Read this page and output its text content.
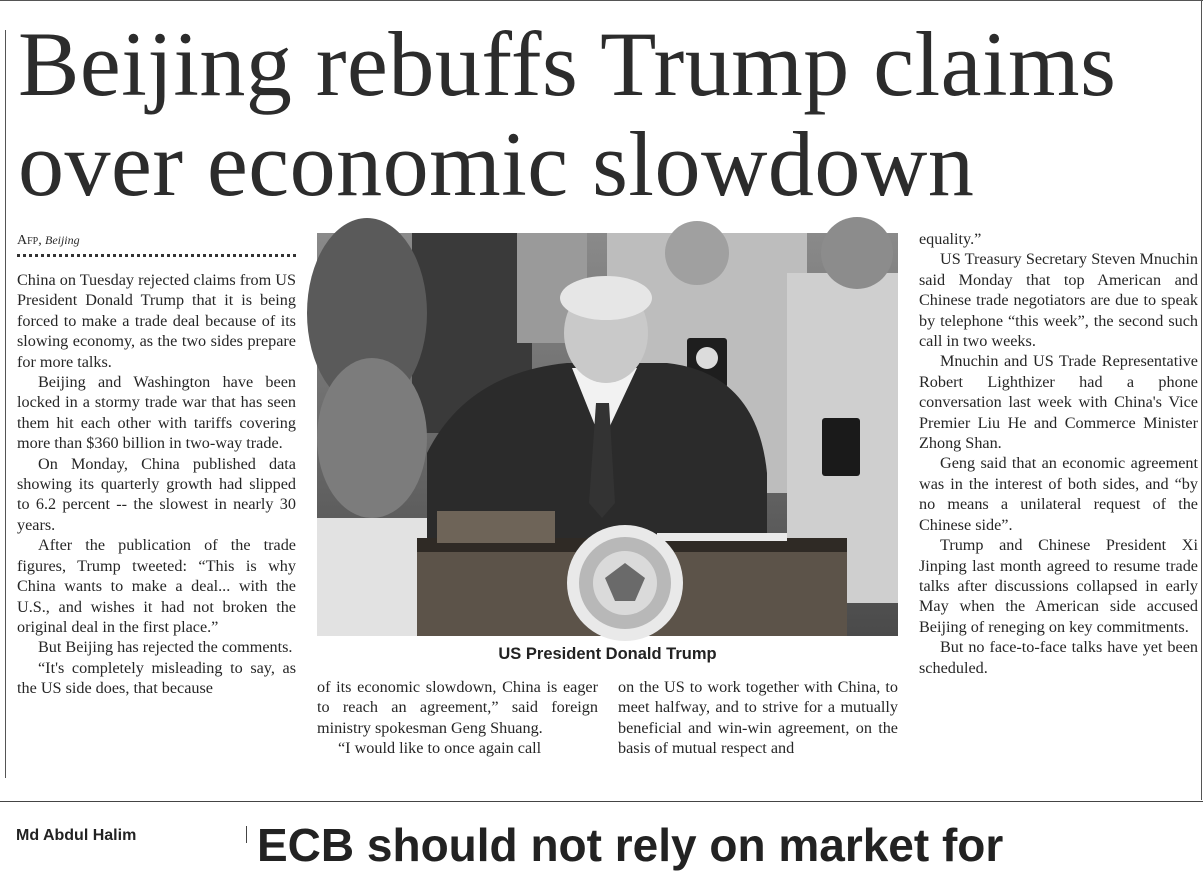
Beijing rebuffs Trump claims over economic slowdown
Afp, Beijing

China on Tuesday rejected claims from US President Donald Trump that it is being forced to make a trade deal because of its slowing economy, as the two sides prepare for more talks.

Beijing and Washington have been locked in a stormy trade war that has seen them hit each other with tariffs covering more than $360 billion in two-way trade.

On Monday, China published data showing its quarterly growth had slipped to 6.2 percent -- the slowest in nearly 30 years.

After the publication of the trade figures, Trump tweeted: “This is why China wants to make a deal... with the U.S., and wishes it had not broken the original deal in the first place.”

But Beijing has rejected the comments.

“It's completely misleading to say, as the US side does, that because

US President Donald Trump

of its economic slowdown, China is eager to reach an agreement,” said foreign ministry spokesman Geng Shuang.

“I would like to once again call

on the US to work together with China, to meet halfway, and to strive for a mutually beneficial and win-win agreement, on the basis of mutual respect and

equality.”

US Treasury Secretary Steven Mnuchin said Monday that top American and Chinese trade negotiators are due to speak by telephone “this week”, the second such call in two weeks.

Mnuchin and US Trade Representative Robert Lighthizer had a phone conversation last week with China's Vice Premier Liu He and Commerce Minister Zhong Shan.

Geng said that an economic agreement was in the interest of both sides, and “by no means a unilateral request of the Chinese side”.

Trump and Chinese President Xi Jinping last month agreed to resume trade talks after discussions collapsed in early May when the American side accused Beijing of reneging on key commitments.

But no face-to-face talks have yet been scheduled.

Md Abdul Halim	ECB should not rely on market for
